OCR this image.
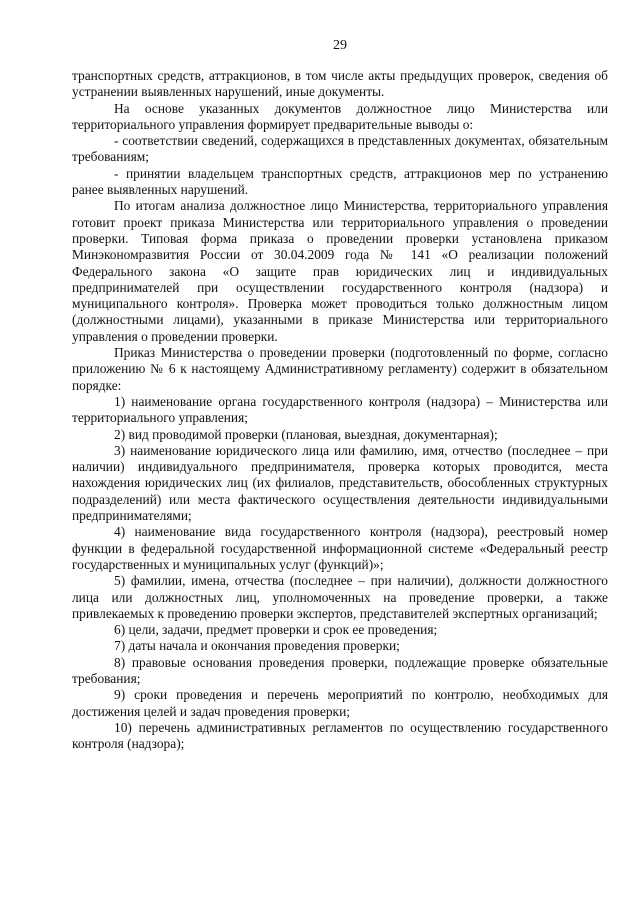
29

транспортных средств, аттракционов, в том числе акты предыдущих проверок, сведения об устранении выявленных нарушений, иные документы.

На основе указанных документов должностное лицо Министерства или территориального управления формирует предварительные выводы о:

- соответствии сведений, содержащихся в представленных документах, обязательным требованиям;

- принятии владельцем транспортных средств, аттракционов мер по устранению ранее выявленных нарушений.

По итогам анализа должностное лицо Министерства, территориального управления готовит проект приказа Министерства или территориального управления о проведении проверки. Типовая форма приказа о проведении проверки установлена приказом Минэкономразвития России от 30.04.2009 года № 141 «О реализации положений Федерального закона «О защите прав юридических лиц и индивидуальных предпринимателей при осуществлении государственного контроля (надзора) и муниципального контроля». Проверка может проводиться только должностным лицом (должностными лицами), указанными в приказе Министерства или территориального управления о проведении проверки.

Приказ Министерства о проведении проверки (подготовленный по форме, согласно приложению № 6 к настоящему Административному регламенту) содержит в обязательном порядке:

1) наименование органа государственного контроля (надзора) – Министерства или территориального управления;

2) вид проводимой проверки (плановая, выездная, документарная);

3) наименование юридического лица или фамилию, имя, отчество (последнее – при наличии) индивидуального предпринимателя, проверка которых проводится, места нахождения юридических лиц (их филиалов, представительств, обособленных структурных подразделений) или места фактического осуществления деятельности индивидуальными предпринимателями;

4) наименование вида государственного контроля (надзора), реестровый номер функции в федеральной государственной информационной системе «Федеральный реестр государственных и муниципальных услуг (функций)»;

5) фамилии, имена, отчества (последнее – при наличии), должности должностного лица или должностных лиц, уполномоченных на проведение проверки, а также привлекаемых к проведению проверки экспертов, представителей экспертных организаций;

6) цели, задачи, предмет проверки и срок ее проведения;

7) даты начала и окончания проведения проверки;

8) правовые основания проведения проверки, подлежащие проверке обязательные требования;

9) сроки проведения и перечень мероприятий по контролю, необходимых для достижения целей и задач проведения проверки;

10) перечень административных регламентов по осуществлению государственного контроля (надзора);
